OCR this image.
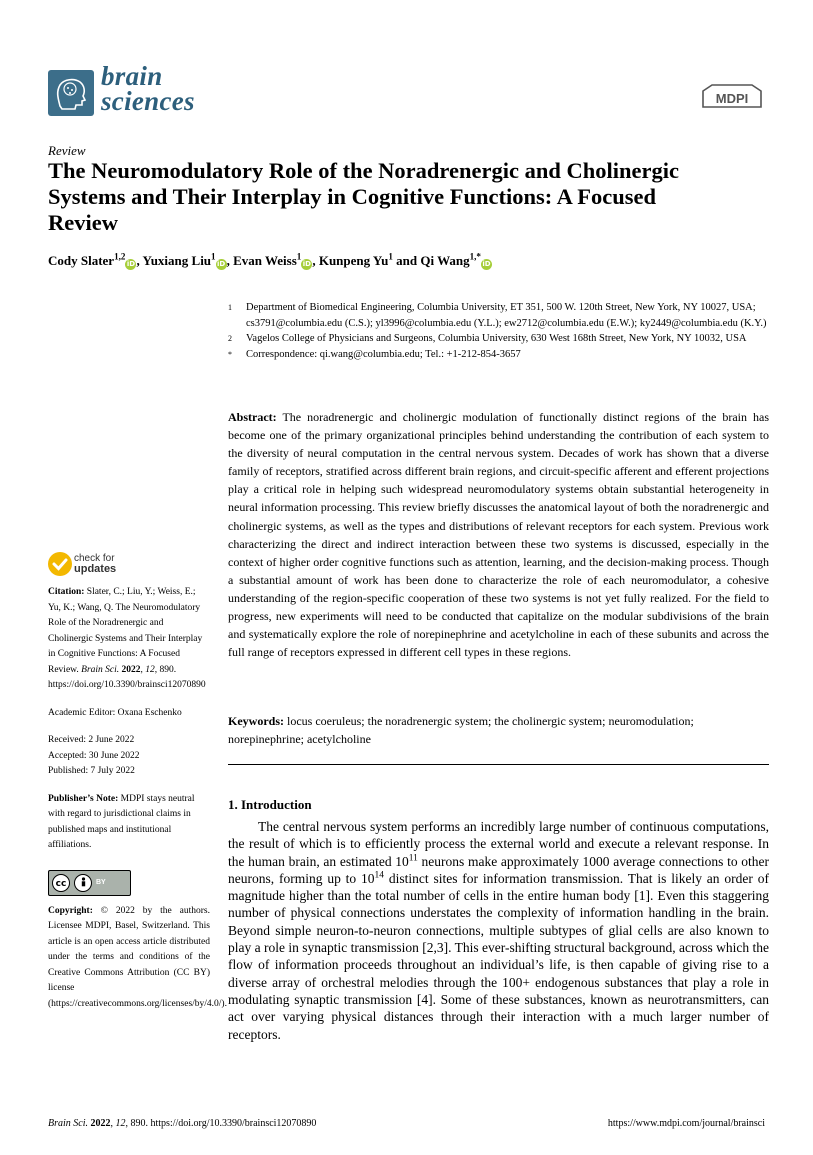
brain
sciences	MDPI
Review
The Neuromodulatory Role of the Noradrenergic and Cholinergic Systems and Their Interplay in Cognitive Functions: A Focused Review
Cody Slater$^{1,2}$iD, Yuxiang Liu$^1$iD, Evan Weiss$^1$iD, Kunpeng Yu$^1$ and Qi Wang$^{1,*}$iD
1	Department of Biomedical Engineering, Columbia University, ET 351, 500 W. 120th Street, New York, NY 10027, USA; cs3791@columbia.edu (C.S.); yl3996@columbia.edu (Y.L.); ew2712@columbia.edu (E.W.); ky2449@columbia.edu (K.Y.)
2	Vagelos College of Physicians and Surgeons, Columbia University, 630 West 168th Street, New York, NY 10032, USA
*	Correspondence: qi.wang@columbia.edu; Tel.: +1-212-854-3657
Abstract: The noradrenergic and cholinergic modulation of functionally distinct regions of the brain has become one of the primary organizational principles behind understanding the contribution of each system to the diversity of neural computation in the central nervous system. Decades of work has shown that a diverse family of receptors, stratified across different brain regions, and circuit-specific afferent and efferent projections play a critical role in helping such widespread neuromodulatory systems obtain substantial heterogeneity in neural information processing. This review briefly discusses the anatomical layout of both the noradrenergic and cholinergic systems, as well as the types and distributions of relevant receptors for each system. Previous work characterizing the direct and indirect interaction between these two systems is discussed, especially in the context of higher order cognitive functions such as attention, learning, and the decision-making process. Though a substantial amount of work has been done to characterize the role of each neuromodulator, a cohesive understanding of the region-specific cooperation of these two systems is not yet fully realized. For the field to progress, new experiments will need to be conducted that capitalize on the modular subdivisions of the brain and systematically explore the role of norepinephrine and acetylcholine in each of these subunits and across the full range of receptors expressed in different cell types in these regions.
Keywords: locus coeruleus; the noradrenergic system; the cholinergic system; neuromodulation; norepinephrine; acetylcholine
check for
updates

Citation: Slater, C.; Liu, Y.; Weiss, E.; Yu, K.; Wang, Q. The Neuromodulatory Role of the Noradrenergic and Cholinergic Systems and Their Interplay in Cognitive Functions: A Focused Review. Brain Sci. 2022, 12, 890. https://doi.org/10.3390/brainsci12070890

Academic Editor: Oxana Eschenko

Received: 2 June 2022

Accepted: 30 June 2022

Published: 7 July 2022

Publisher’s Note: MDPI stays neutral with regard to jurisdictional claims in published maps and institutional affiliations.

cc	BY

Copyright: © 2022 by the authors. Licensee MDPI, Basel, Switzerland. This article is an open access article distributed under the terms and conditions of the Creative Commons Attribution (CC BY) license (https://creativecommons.org/licenses/by/4.0/).

1. Introduction
The central nervous system performs an incredibly large number of continuous computations, the result of which is to efficiently process the external world and execute a relevant response. In the human brain, an estimated $10^{11}$ neurons make approximately 1000 average connections to other neurons, forming up to $10^{14}$ distinct sites for information transmission. That is likely an order of magnitude higher than the total number of cells in the entire human body [1]. Even this staggering number of physical connections understates the complexity of information handling in the brain. Beyond simple neuron-to-neuron connections, multiple subtypes of glial cells are also known to play a role in synaptic transmission [2,3]. This ever-shifting structural background, across which the flow of information proceeds throughout an individual’s life, is then capable of giving rise to a diverse array of orchestral melodies through the 100+ endogenous substances that play a role in modulating synaptic transmission [4]. Some of these substances, known as neurotransmitters, can act over varying physical distances through their interaction with a much larger number of receptors.
Brain Sci. 2022, 12, 890. https://doi.org/10.3390/brainsci12070890	https://www.mdpi.com/journal/brainsci
